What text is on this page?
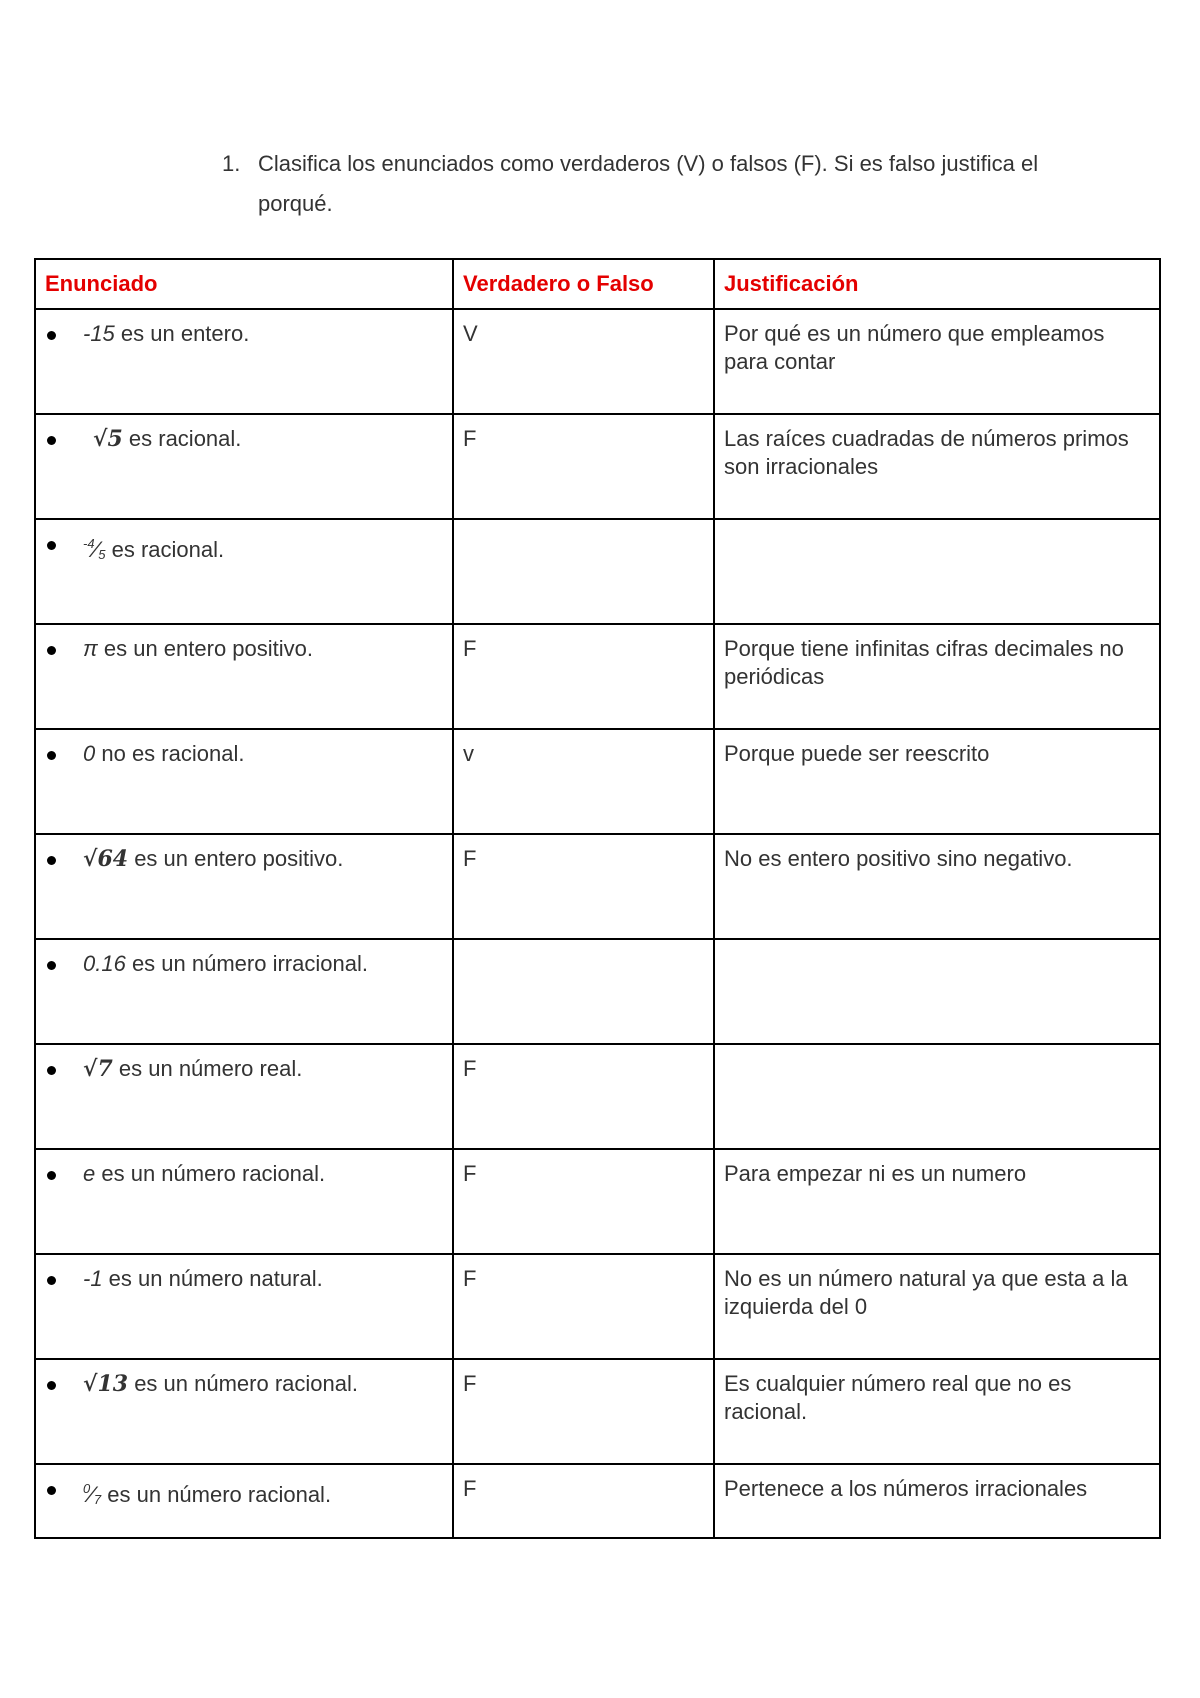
1. Clasifica los enunciados como verdaderos (V) o falsos (F). Si es falso justifica el porqué.
Enunciado	Verdadero o Falso	Justificación

-15 es un entero.	V	Por qué es un número que empleamos para contar

√5 es racional.	F	Las raíces cuadradas de números primos son irracionales

$^{-4}⁄_5$ es racional.		

π es un entero positivo.	F	Porque tiene infinitas cifras decimales no periódicas

0 no es racional.	v	Porque puede ser reescrito

√64 es un entero positivo.	F	No es entero positivo sino negativo.

0.16 es un número irracional.		

√7 es un número real.	F	

e es un número racional.	F	Para empezar ni es un numero

-1 es un número natural.	F	No es un número natural ya que esta a la izquierda del 0

√13 es un número racional.	F	Es cualquier número real que no es racional.

$^0⁄_7$ es un número racional.	F	Pertenece a los números irracionales
